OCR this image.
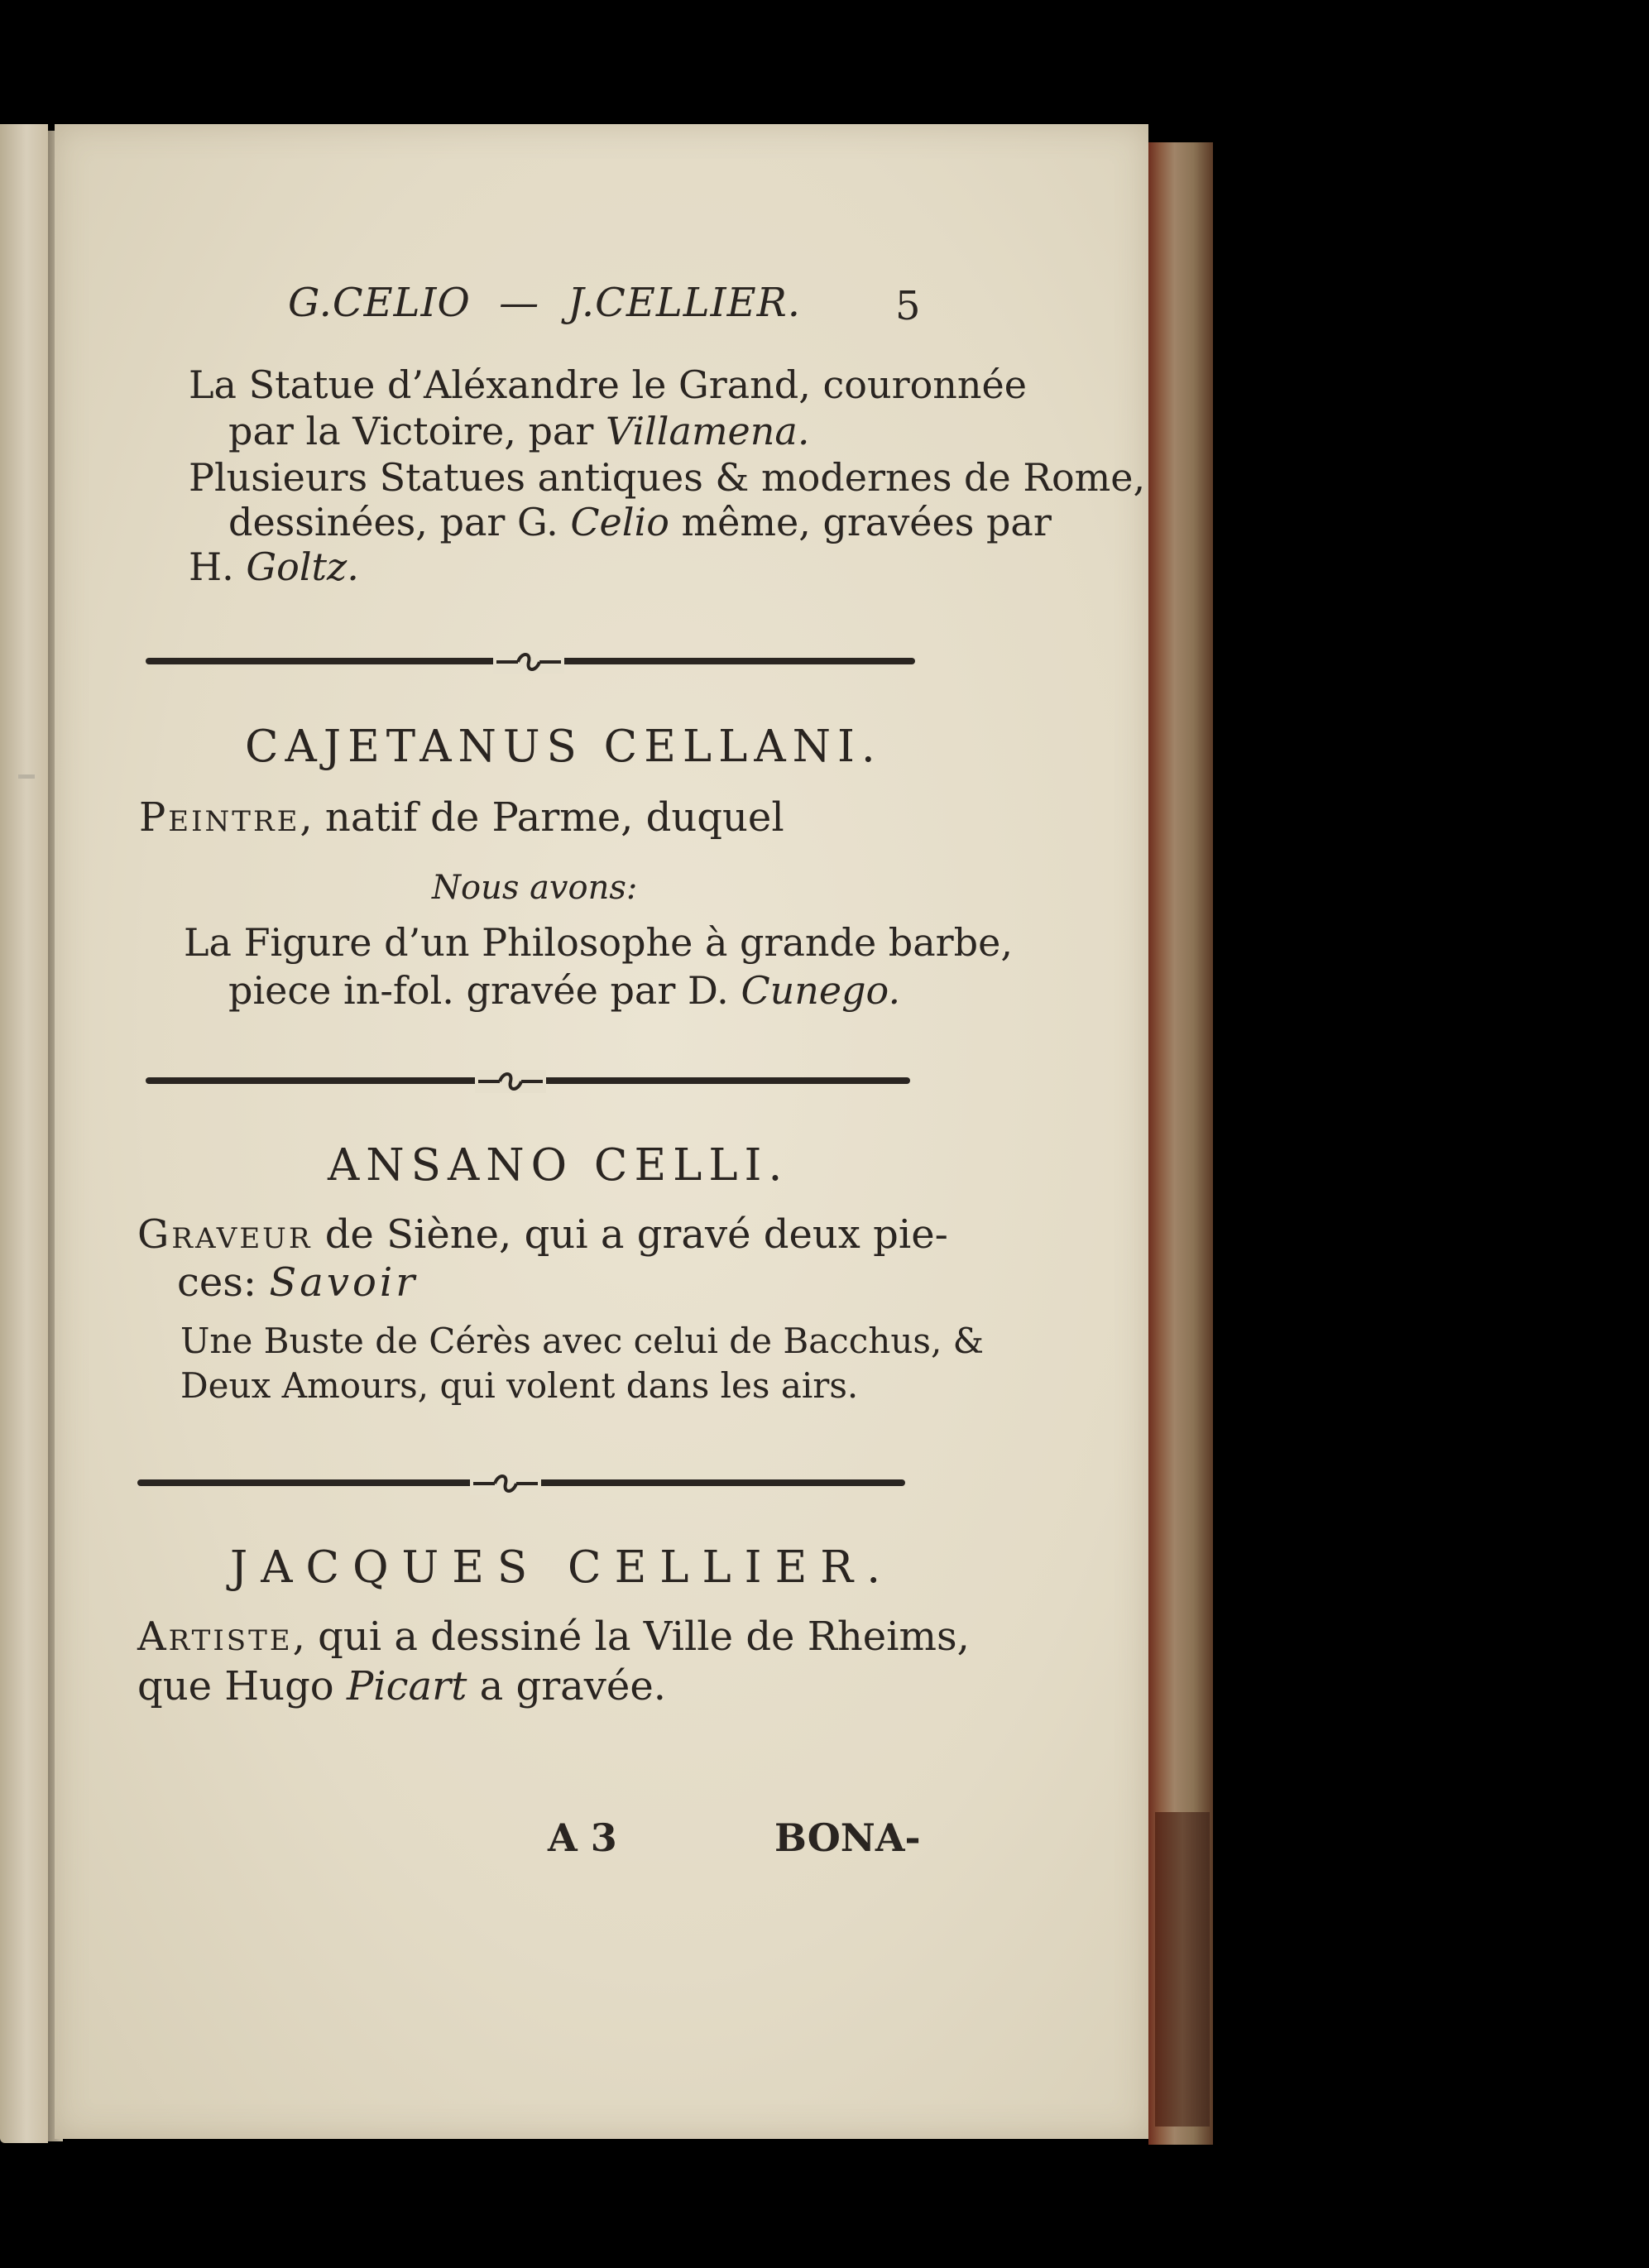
G.CELIO — J.CELLIER. 5
La Statue d’Aléxandre le Grand, couronnée
par la Victoire, par Villamena.
Plusieurs Statues antiques & modernes de Rome,
dessinées, par G. Celio même, gravées par
H. Goltz.
CAJETANUS CELLANI.
Peintre, natif de Parme, duquel
Nous avons:
La Figure d’un Philosophe à grande barbe,
piece in-fol. gravée par D. Cunego.
ANSANO CELLI.
Graveur de Siène, qui a gravé deux pie-
ces: Savoir
Une Buste de Cérès avec celui de Bacchus, &
Deux Amours, qui volent dans les airs.
JACQUES CELLIER.
Artiste, qui a dessiné la Ville de Rheims,
que Hugo Picart a gravée.
A 3	BONA-
